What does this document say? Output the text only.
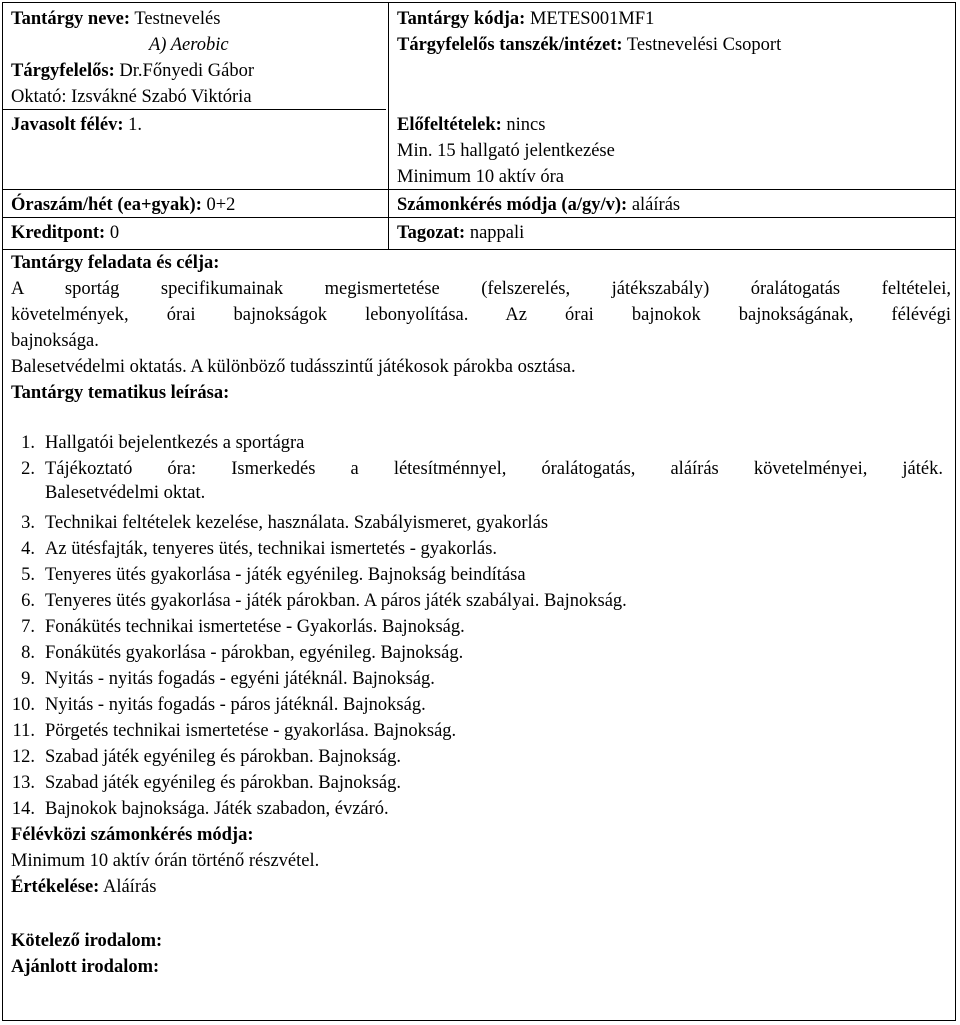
Tantárgy neve: Testnevelés
A) Aerobic
Tárgyfelelős: Dr.Főnyedi Gábor
Oktató: Izsvákné Szabó Viktória
Javasolt félév: 1.
Óraszám/hét (ea+gyak): 0+2
Kreditpont: 0
Tantárgy kódja: METES001MF1
Tárgyfelelős tanszék/intézet: Testnevelési Csoport
Előfeltételek: nincs
Min. 15 hallgató jelentkezése
Minimum 10 aktív óra
Számonkérés módja (a/gy/v): aláírás
Tagozat: nappali
Tantárgy feladata és célja:
A sportág specifikumainak megismertetése (felszerelés, játékszabály) óralátogatás feltételei,
követelmények, órai bajnokságok lebonyolítása. Az órai bajnokok bajnokságának, félévégi
bajnoksága.
Balesetvédelmi oktatás. A különböző tudásszintű játékosok párokba osztása.
Tantárgy tematikus leírása:
1. Hallgatói bejelentkezés a sportágra
2. Tájékoztató óra: Ismerkedés a létesítménnyel, óralátogatás, aláírás követelményei, játék.
Balesetvédelmi oktat.
3. Technikai feltételek kezelése, használata. Szabályismeret, gyakorlás
4. Az ütésfajták, tenyeres ütés, technikai ismertetés - gyakorlás.
5. Tenyeres ütés gyakorlása - játék egyénileg. Bajnokság beindítása
6. Tenyeres ütés gyakorlása - játék párokban. A páros játék szabályai. Bajnokság.
7. Fonákütés technikai ismertetése - Gyakorlás. Bajnokság.
8. Fonákütés gyakorlása - párokban, egyénileg. Bajnokság.
9. Nyitás - nyitás fogadás - egyéni játéknál. Bajnokság.
10. Nyitás - nyitás fogadás - páros játéknál. Bajnokság.
11. Pörgetés technikai ismertetése - gyakorlása. Bajnokság.
12. Szabad játék egyénileg és párokban. Bajnokság.
13. Szabad játék egyénileg és párokban. Bajnokság.
14. Bajnokok bajnoksága. Játék szabadon, évzáró.
Félévközi számonkérés módja:
Minimum 10 aktív órán történő részvétel.
Értékelése: Aláírás
Kötelező irodalom:
Ajánlott irodalom:
